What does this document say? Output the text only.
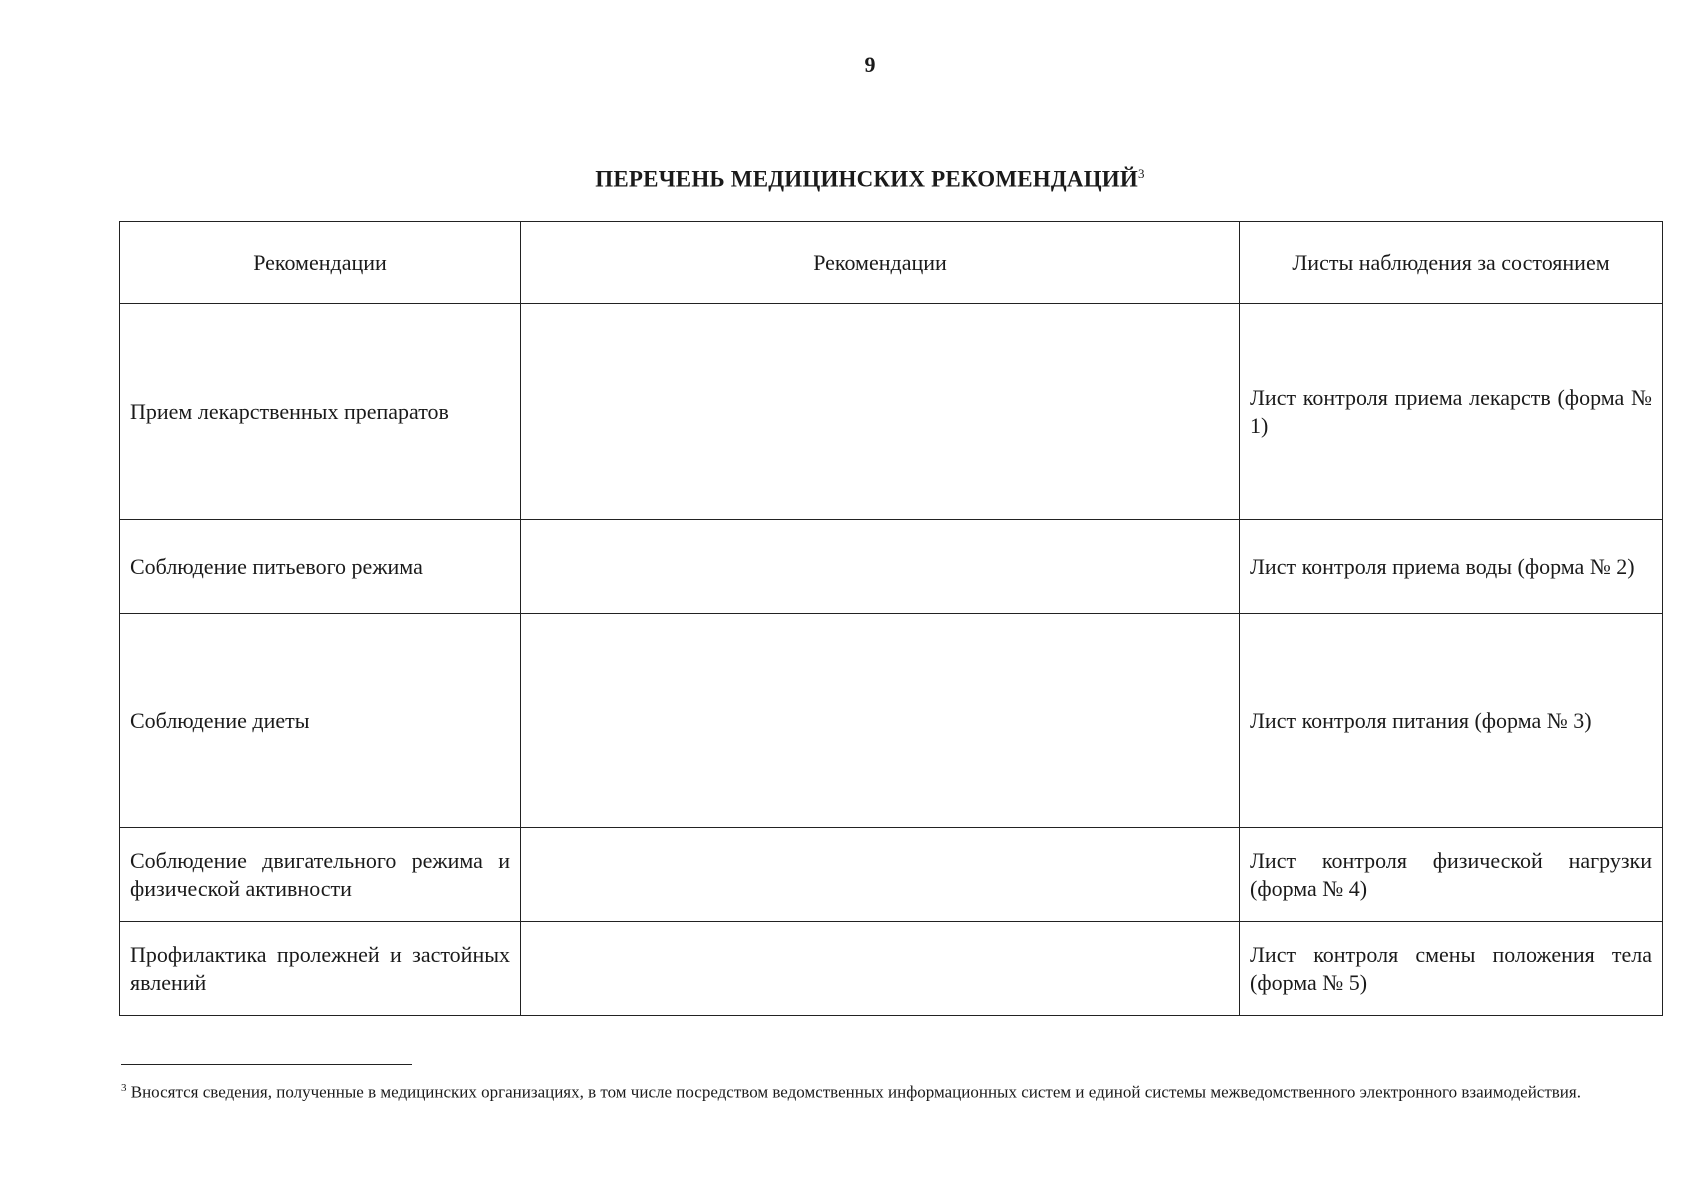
9
ПЕРЕЧЕНЬ МЕДИЦИНСКИХ РЕКОМЕНДАЦИЙ$^3$
Рекомендации	Рекомендации	Листы наблюдения за состоянием
Прием лекарственных препаратов		Лист контроля приема лекарств (форма № 1)
Соблюдение питьевого режима		Лист контроля приема воды (форма № 2)
Соблюдение диеты		Лист контроля питания (форма № 3)
Соблюдение двигательного режима и физической активности		Лист контроля физической нагрузки (форма № 4)
Профилактика пролежней и застойных явлений		Лист контроля смены положения тела (форма № 5)

$^3$ Вносятся сведения, полученные в медицинских организациях, в том числе посредством ведомственных информационных систем и единой системы межведомственного электронного взаимодействия.
